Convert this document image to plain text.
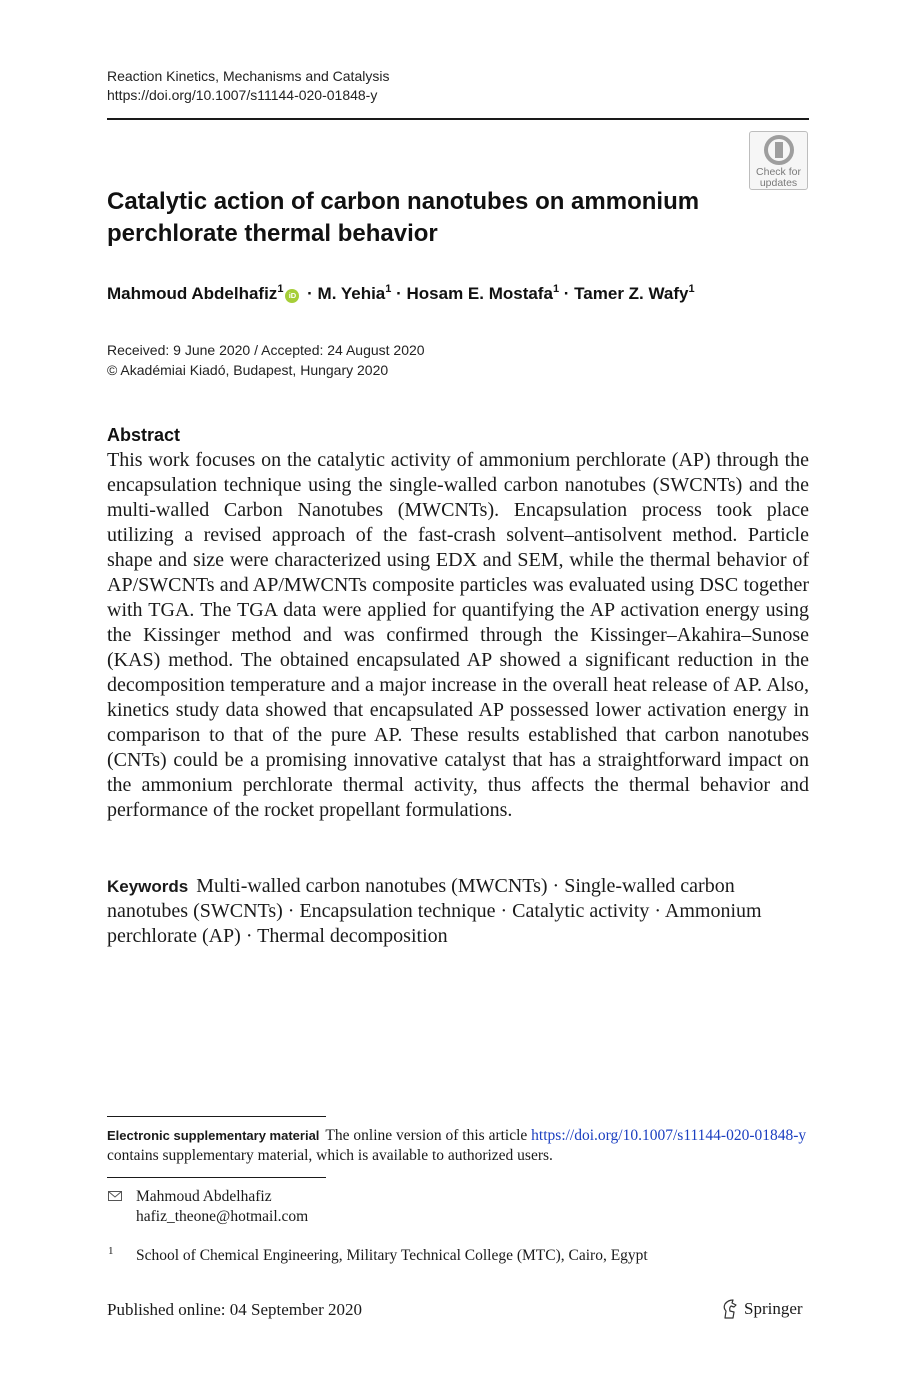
Reaction Kinetics, Mechanisms and Catalysis
https://doi.org/10.1007/s11144-020-01848-y
Check for
updates
Catalytic action of carbon nanotubes on ammonium perchlorate thermal behavior
Mahmoud Abdelhafiz$^1$iD · M. Yehia$^1$ · Hosam E. Mostafa$^1$ · Tamer Z. Wafy$^1$
Received: 9 June 2020 / Accepted: 24 August 2020
© Akadémiai Kiadó, Budapest, Hungary 2020
Abstract

This work focuses on the catalytic activity of ammonium perchlorate (AP) through the encapsulation technique using the single-walled carbon nanotubes (SWCNTs) and the multi-walled Carbon Nanotubes (MWCNTs). Encapsulation process took place utilizing a revised approach of the fast-crash solvent–antisolvent method. Particle shape and size were characterized using EDX and SEM, while the thermal behavior of AP/SWCNTs and AP/MWCNTs composite particles was evaluated using DSC together with TGA. The TGA data were applied for quantifying the AP activation energy using the Kissinger method and was confirmed through the Kissinger–Akahira–Sunose (KAS) method. The obtained encapsulated AP showed a significant reduction in the decomposition temperature and a major increase in the overall heat release of AP. Also, kinetics study data showed that encapsulated AP possessed lower activation energy in comparison to that of the pure AP. These results established that carbon nanotubes (CNTs) could be a promising innovative catalyst that has a straightforward impact on the ammonium perchlorate thermal activity, thus affects the thermal behavior and performance of the rocket propellant formulations.

Keywords Multi-walled carbon nanotubes (MWCNTs) · Single-walled carbon nanotubes (SWCNTs) · Encapsulation technique · Catalytic activity · Ammonium perchlorate (AP) · Thermal decomposition
Electronic supplementary material The online version of this article https://doi.org/10.1007/s11144-020-01848-y contains supplementary material, which is available to authorized users.
Mahmoud Abdelhafiz
hafiz_theone@hotmail.com
1 School of Chemical Engineering, Military Technical College (MTC), Cairo, Egypt
Published online: 04 September 2020	Springer
